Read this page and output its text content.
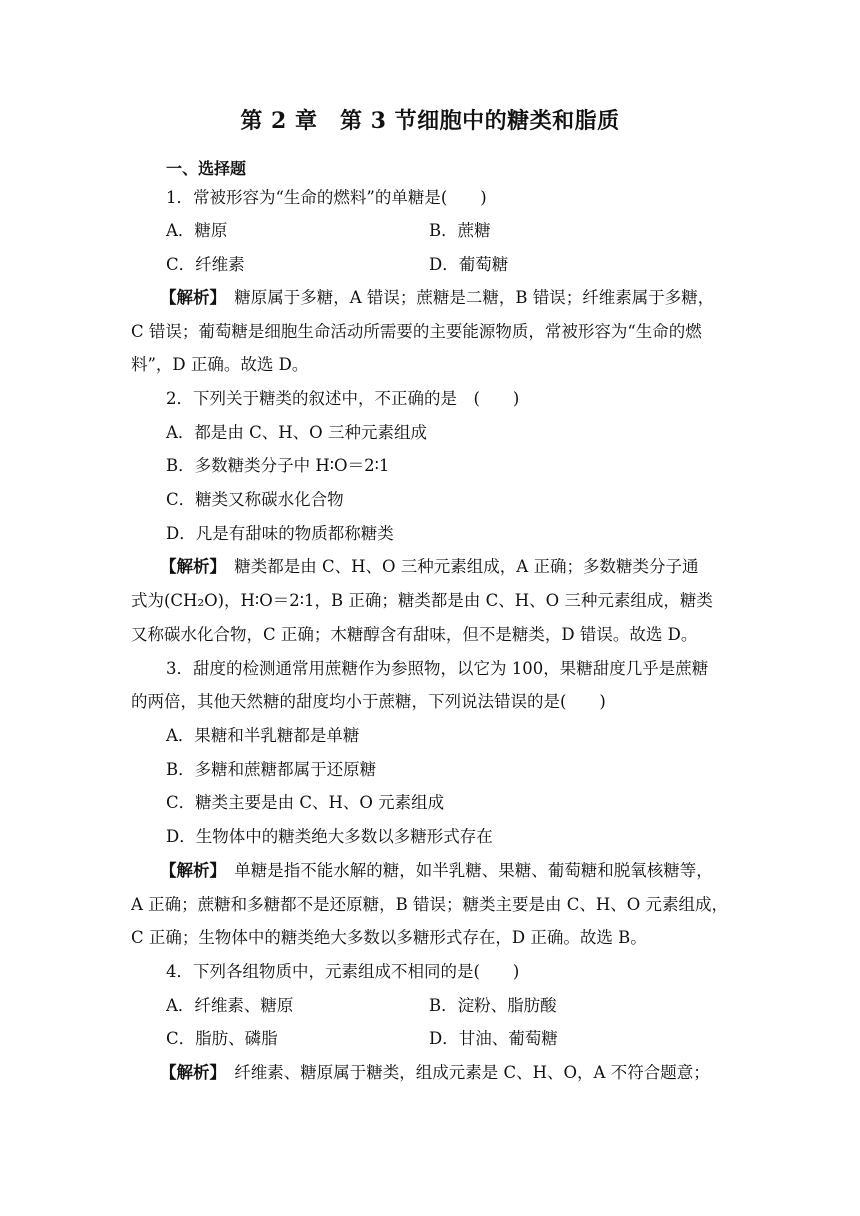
第 2 章　第 3 节细胞中的糖类和脂质
一、选择题
1．常被形容为“生命的燃料”的单糖是(　　)
A．糖原	B．蔗糖
C．纤维素	D．葡萄糖
【解析】　糖原属于多糖，A 错误；蔗糖是二糖，B 错误；纤维素属于多糖，
C 错误；葡萄糖是细胞生命活动所需要的主要能源物质，常被形容为“生命的燃
料”，D 正确。故选 D。
2．下列关于糖类的叙述中，不正确的是　(　　)
A．都是由 C、H、O 三种元素组成
B．多数糖类分子中 H∶O＝2∶1
C．糖类又称碳水化合物
D．凡是有甜味的物质都称糖类
【解析】　糖类都是由 C、H、O 三种元素组成，A 正确；多数糖类分子通
式为(CH₂O)，H∶O＝2∶1，B 正确；糖类都是由 C、H、O 三种元素组成，糖类
又称碳水化合物，C 正确；木糖醇含有甜味，但不是糖类，D 错误。故选 D。
3．甜度的检测通常用蔗糖作为参照物，以它为 100，果糖甜度几乎是蔗糖
的两倍，其他天然糖的甜度均小于蔗糖，下列说法错误的是(　　)
A．果糖和半乳糖都是单糖
B．多糖和蔗糖都属于还原糖
C．糖类主要是由 C、H、O 元素组成
D．生物体中的糖类绝大多数以多糖形式存在
【解析】　单糖是指不能水解的糖，如半乳糖、果糖、葡萄糖和脱氧核糖等，
A 正确；蔗糖和多糖都不是还原糖，B 错误；糖类主要是由 C、H、O 元素组成，
C 正确；生物体中的糖类绝大多数以多糖形式存在，D 正确。故选 B。
4．下列各组物质中，元素组成不相同的是(　　)
A．纤维素、糖原	B．淀粉、脂肪酸
C．脂肪、磷脂	D．甘油、葡萄糖
【解析】　纤维素、糖原属于糖类，组成元素是 C、H、O，A 不符合题意；
